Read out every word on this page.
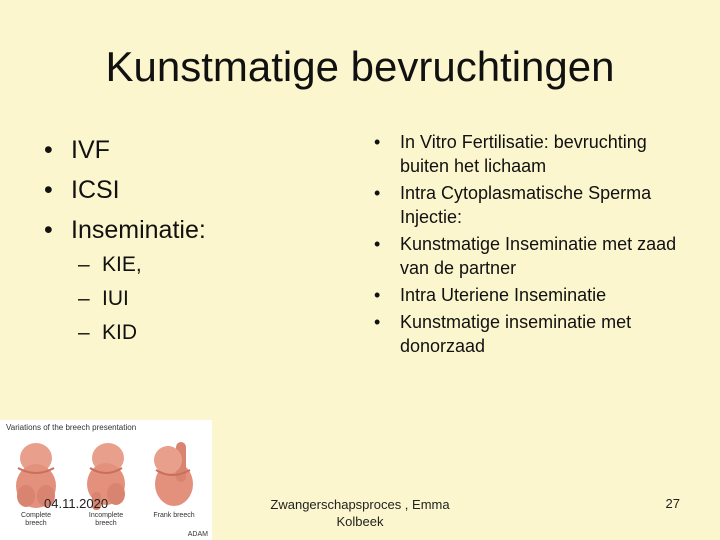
Kunstmatige bevruchtingen
• IVF
• ICSI
• Inseminatie:
– KIE,
– IUI
– KID
• In Vitro Fertilisatie: bevruchting buiten het lichaam
• Intra Cytoplasmatische Sperma Injectie:
• Kunstmatige Inseminatie met zaad van de partner
• Intra Uteriene Inseminatie
• Kunstmatige inseminatie met donorzaad
Variations of the breech presentation
Complete breech
Incomplete breech
Frank breech
ADAM
04.11.2020	Zwangerschapsproces , Emma Kolbeek
27
